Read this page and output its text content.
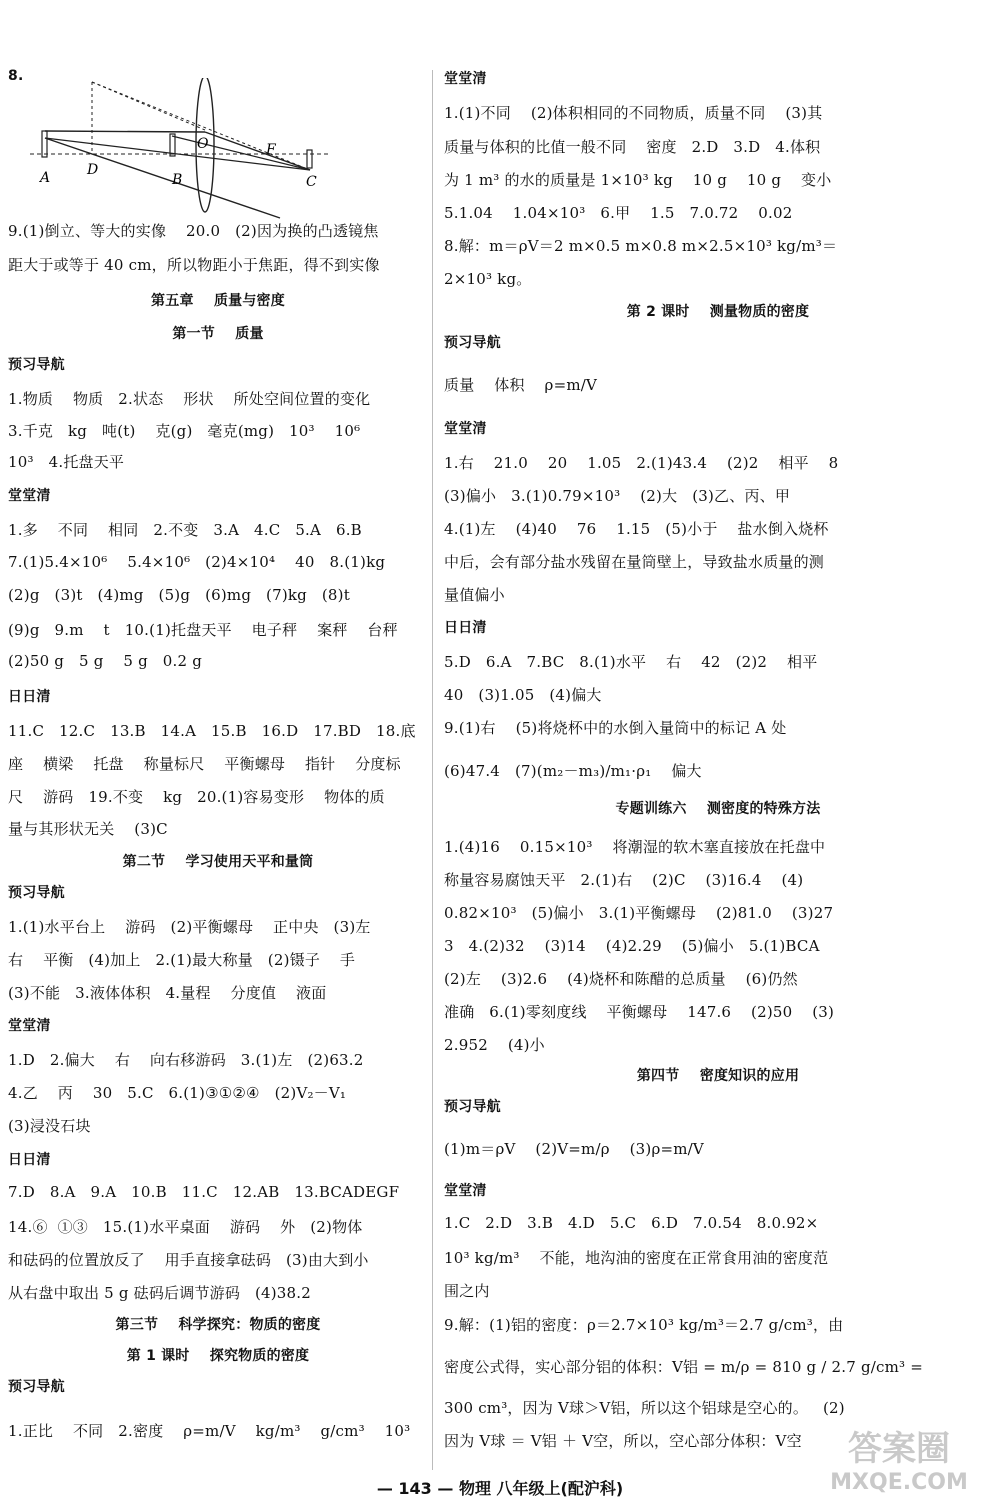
8.
9.(1)倒立、等大的实像    20.0   (2)因为换的凸透镜焦
距大于或等于 40 cm，所以物距小于焦距，得不到实像
第五章    质量与密度
第一节    质量
预习导航
1.物质    物质   2.状态    形状    所处空间位置的变化
3.千克   kg   吨(t)    克(g)   毫克(mg)   10³    10⁶
10³   4.托盘天平
堂堂清
1.多    不同    相同   2.不变   3.A   4.C   5.A   6.B
7.(1)5.4×10⁶    5.4×10⁶   (2)4×10⁴    40   8.(1)kg
(2)g   (3)t   (4)mg   (5)g   (6)mg   (7)kg   (8)t
(9)g   9.m    t   10.(1)托盘天平    电子秤    案秤    台秤
(2)50 g   5 g    5 g   0.2 g
日日清
11.C   12.C   13.B   14.A   15.B   16.D   17.BD   18.底
座    横梁    托盘    称量标尺    平衡螺母    指针    分度标
尺    游码   19.不变    kg   20.(1)容易变形    物体的质
量与其形状无关    (3)C
第二节    学习使用天平和量筒
预习导航
1.(1)水平台上    游码   (2)平衡螺母    正中央   (3)左
右    平衡   (4)加上   2.(1)最大称量   (2)镊子    手
(3)不能   3.液体体积   4.量程    分度值    液面
堂堂清
1.D   2.偏大    右    向右移游码   3.(1)左   (2)63.2
4.乙    丙    30   5.C   6.(1)③①②④   (2)V₂－V₁
(3)浸没石块
日日清
7.D   8.A   9.A   10.B   11.C   12.AB   13.BCADEGF
14.⑥  ①③   15.(1)水平桌面    游码    外   (2)物体
和砝码的位置放反了    用手直接拿砝码   (3)由大到小
从右盘中取出 5 g 砝码后调节游码   (4)38.2
第三节    科学探究：物质的密度
第 1 课时    探究物质的密度
预习导航
1.正比    不同   2.密度    ρ=m/V    kg/m³    g/cm³    10³
堂堂清
1.(1)不同    (2)体积相同的不同物质，质量不同    (3)其
质量与体积的比值一般不同    密度   2.D   3.D   4.体积
为 1 m³ 的水的质量是 1×10³ kg    10 g    10 g    变小
5.1.04    1.04×10³   6.甲    1.5   7.0.72    0.02
8.解：m＝ρV＝2 m×0.5 m×0.8 m×2.5×10³ kg/m³＝
2×10³ kg。
第 2 课时    测量物质的密度
预习导航
质量    体积    ρ=m/V
堂堂清
1.右    21.0    20    1.05   2.(1)43.4    (2)2    相平    8
(3)偏小   3.(1)0.79×10³    (2)大   (3)乙、丙、甲
4.(1)左    (4)40    76    1.15   (5)小于    盐水倒入烧杯
中后，会有部分盐水残留在量筒壁上，导致盐水质量的测
量值偏小
日日清
5.D   6.A   7.BC   8.(1)水平    右    42   (2)2    相平
40   (3)1.05   (4)偏大
9.(1)右    (5)将烧杯中的水倒入量筒中的标记 A 处
(6)47.4   (7)(m₂－m₃)/m₁·ρ₁    偏大
专题训练六    测密度的特殊方法
1.(4)16    0.15×10³    将潮湿的软木塞直接放在托盘中
称量容易腐蚀天平   2.(1)右    (2)C    (3)16.4    (4)
0.82×10³   (5)偏小   3.(1)平衡螺母    (2)81.0    (3)27
3   4.(2)32    (3)14    (4)2.29    (5)偏小   5.(1)BCA
(2)左    (3)2.6    (4)烧杯和陈醋的总质量    (6)仍然
准确   6.(1)零刻度线    平衡螺母    147.6    (2)50    (3)
2.952    (4)小
第四节    密度知识的应用
预习导航
(1)m＝ρV    (2)V=m/ρ    (3)ρ=m/V
堂堂清
1.C   2.D   3.B   4.D   5.C   6.D   7.0.54   8.0.92×
10³ kg/m³    不能，地沟油的密度在正常食用油的密度范
围之内
9.解：(1)铝的密度：ρ＝2.7×10³ kg/m³＝2.7 g/cm³，由
密度公式得，实心部分铝的体积：V铝 = m/ρ = 810 g / 2.7 g/cm³ =
300 cm³，因为 V球＞V铝，所以这个铝球是空心的。   (2)
因为 V球 ＝ V铝 ＋ V空，所以，空心部分体积：V空
A	D
B
O	F
C
— 143 — 物理 八年级上(配沪科)
答案圈
MXQE.COM
